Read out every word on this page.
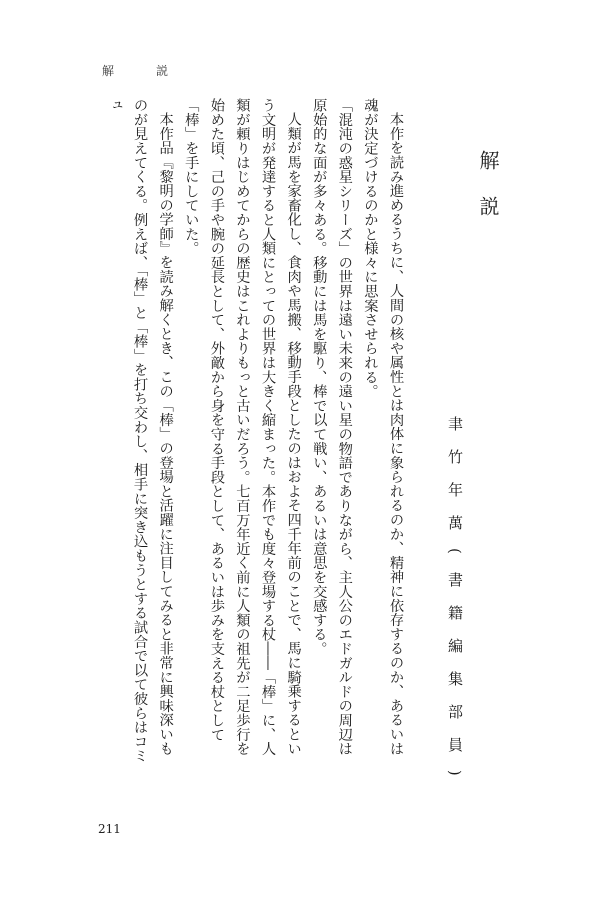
解	説
解説
聿竹年萬(書籍編集部員)

本作を読み進めるうちに、人間の核や属性とは肉体に象られるのか、精神に依存するのか、あるいは魂が決定づけるのかと様々に思案させられる。

「混沌の惑星シリーズ」の世界は遠い未来の遠い星の物語でありながら、主人公のエドガルドの周辺は原始的な面が多々ある。移動には馬を駆り、棒で以て戦い、あるいは意思を交感する。

人類が馬を家畜化し、食肉や馬搬、移動手段としたのはおよそ四千年前のことで、馬に騎乗するという文明が発達すると人類にとっての世界は大きく縮まった。本作でも度々登場する杖――「棒」に、人類が頼りはじめてからの歴史はこれよりもっと古いだろう。七百万年近く前に人類の祖先が二足歩行を始めた頃、己の手や腕の延長として、外敵から身を守る手段として、あるいは歩みを支える杖として「棒」を手にしていた。

本作品『黎明の学師』を読み解くとき、この「棒」の登場と活躍に注目してみると非常に興味深いものが見えてくる。例えば、「棒」と「棒」を打ち交わし、相手に突き込もうとする試合で以て彼らはコミュ

211
